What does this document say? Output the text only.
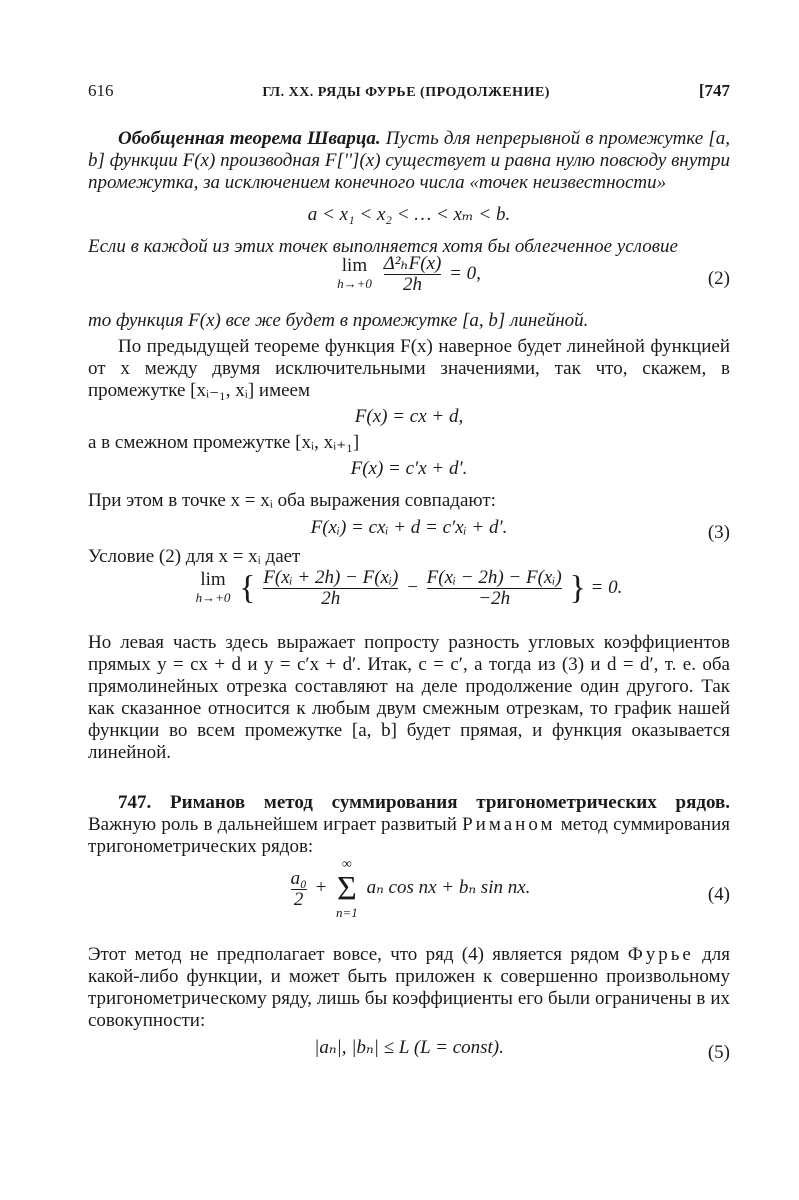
616	ГЛ. XX. РЯДЫ ФУРЬЕ (ПРОДОЛЖЕНИЕ)	[747

Обобщенная теорема Шварца. Пусть для непрерывной в промежутке [a, b] функции F(x) производная F[''](x) существует и равна нулю повсюду внутри промежутка, за исключением конечного числа «точек неизвестности»

a < x₁ < x₂ < … < xₘ < b.

Если в каждой из этих точек выполняется хотя бы облегченное условие

lim
h→+0
$\frac{\text{Δ²ₕF(x)}}{2h} = 0$,	(2)

то функция F(x) все же будет в промежутке [a, b] линейной.

По предыдущей теореме функция F(x) наверное будет линейной функцией от x между двумя исключительными значениями, так что, скажем, в промежутке [xᵢ₋₁, xᵢ] имеем

F(x) = cx + d,

а в смежном промежутке [xᵢ, xᵢ₊₁]

F(x) = c′x + d′.

При этом в точке x = xᵢ оба выражения совпадают:

F(xᵢ) = cxᵢ + d = c′xᵢ + d′.	(3)

Условие (2) для x = xᵢ дает

lim
h→+0 { $\frac{\text{F(xᵢ + 2h) − F(xᵢ)}}{2h} - \frac{\text{F(xᵢ − 2h) − F(xᵢ)}}{-2h}$ } = 0.

Но левая часть здесь выражает попросту разность угловых коэффициентов прямых y = cx + d и y = c′x + d′. Итак, c = c′, а тогда из (3) и d = d′, т. е. оба прямолинейных отрезка составляют на деле продолжение один другого. Так как сказанное относится к любым двум смежным отрезкам, то график нашей функции во всем промежутке [a, b] будет прямая, и функция оказывается линейной.

747. Риманов метод суммирования тригонометрических рядов. Важную роль в дальнейшем играет развитый Риманом метод суммирования тригонометрических рядов:

$\frac{\text{a₀}}{2}$ +
∞
Σ
n=1
aₙ cos nx + bₙ sin nx.	(4)

Этот метод не предполагает вовсе, что ряд (4) является рядом Фурье для какой-либо функции, и может быть приложен к совершенно произвольному тригонометрическому ряду, лишь бы коэффициенты его были ограничены в их совокупности:

|aₙ|, |bₙ| ≤ L (L = const).	(5)
